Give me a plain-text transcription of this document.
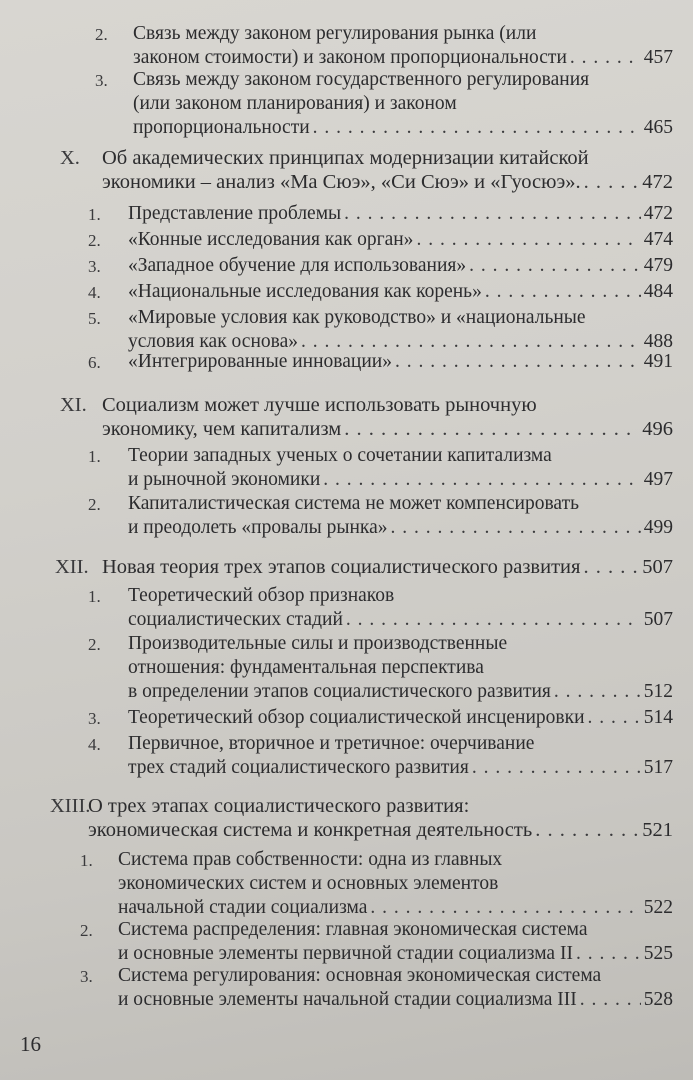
2. Связь между законом регулирования рынка (или
законом стоимости) и законом пропорциональности . . .	457
3. Связь между законом государственного регулирования
(или законом планирования) и законом
пропорциональности . . .	465
X. Об академических принципах модернизации китайской
экономики – анализ «Ма Сюэ», «Си Сюэ» и «Гуосюэ». . . .	472
1. Представление проблемы . . .	472
2. «Конные исследования как орган» . . .	474
3. «Западное обучение для использования» . . .	479
4. «Национальные исследования как корень» . . .	484
5. «Мировые условия как руководство» и «национальные
условия как основа» . . .	488
6. «Интегрированные инновации» . . .	491
XI. Социализм может лучше использовать рыночную
экономику, чем капитализм . . .	496
1. Теории западных ученых о сочетании капитализма
и рыночной экономики . . .	497
2. Капиталистическая система не может компенсировать
и преодолеть «провалы рынка» . . .	499
XII. Новая теория трех этапов социалистического развития . . .	507
1. Теоретический обзор признаков
социалистических стадий . . .	507
2. Производительные силы и производственные
отношения: фундаментальная перспектива
в определении этапов социалистического развития . . .	512
3. Теоретический обзор социалистической инсценировки . . .	514
4. Первичное, вторичное и третичное: очерчивание
трех стадий социалистического развития . . .	517
XIII.
О трех этапах социалистического развития:
экономическая система и конкретная деятельность . . .	521
1. Система прав собственности: одна из главных
экономических систем и основных элементов
начальной стадии социализма . . .	522
2. Система распределения: главная экономическая система
и основные элементы первичной стадии социализма II . . .	525
3. Система регулирования: основная экономическая система
и основные элементы начальной стадии социализма III . . .	528
16
